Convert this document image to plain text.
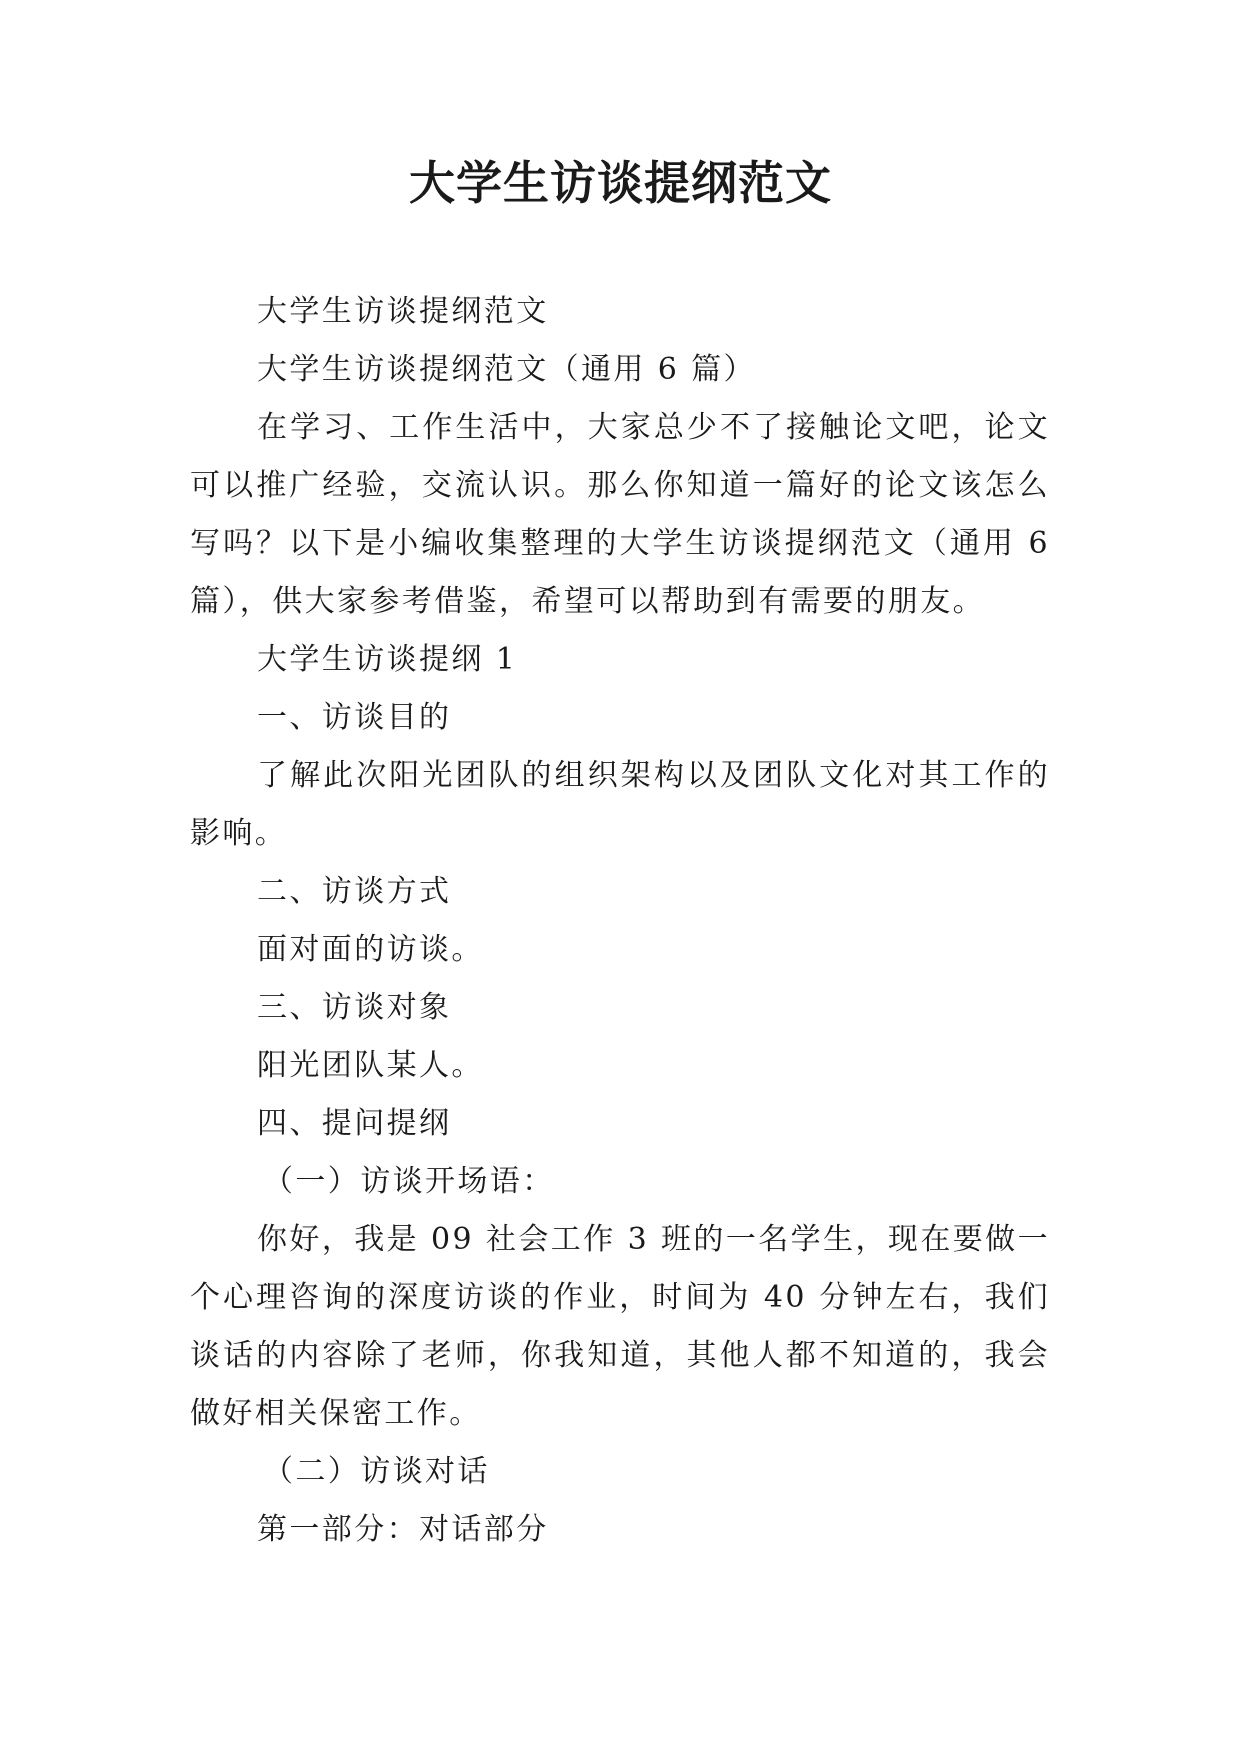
大学生访谈提纲范文

大学生访谈提纲范文

大学生访谈提纲范文（通用 6 篇）

在学习、工作生活中，大家总少不了接触论文吧，论文可以推广经验，交流认识。那么你知道一篇好的论文该怎么写吗？以下是小编收集整理的大学生访谈提纲范文（通用 6 篇），供大家参考借鉴，希望可以帮助到有需要的朋友。

大学生访谈提纲 1

一、访谈目的

了解此次阳光团队的组织架构以及团队文化对其工作的影响。

二、访谈方式

面对面的访谈。

三、访谈对象

阳光团队某人。

四、提问提纲

（一）访谈开场语：

你好，我是 09 社会工作 3 班的一名学生，现在要做一个心理咨询的深度访谈的作业，时间为 40 分钟左右，我们谈话的内容除了老师，你我知道，其他人都不知道的，我会做好相关保密工作。

（二）访谈对话

第一部分：对话部分
